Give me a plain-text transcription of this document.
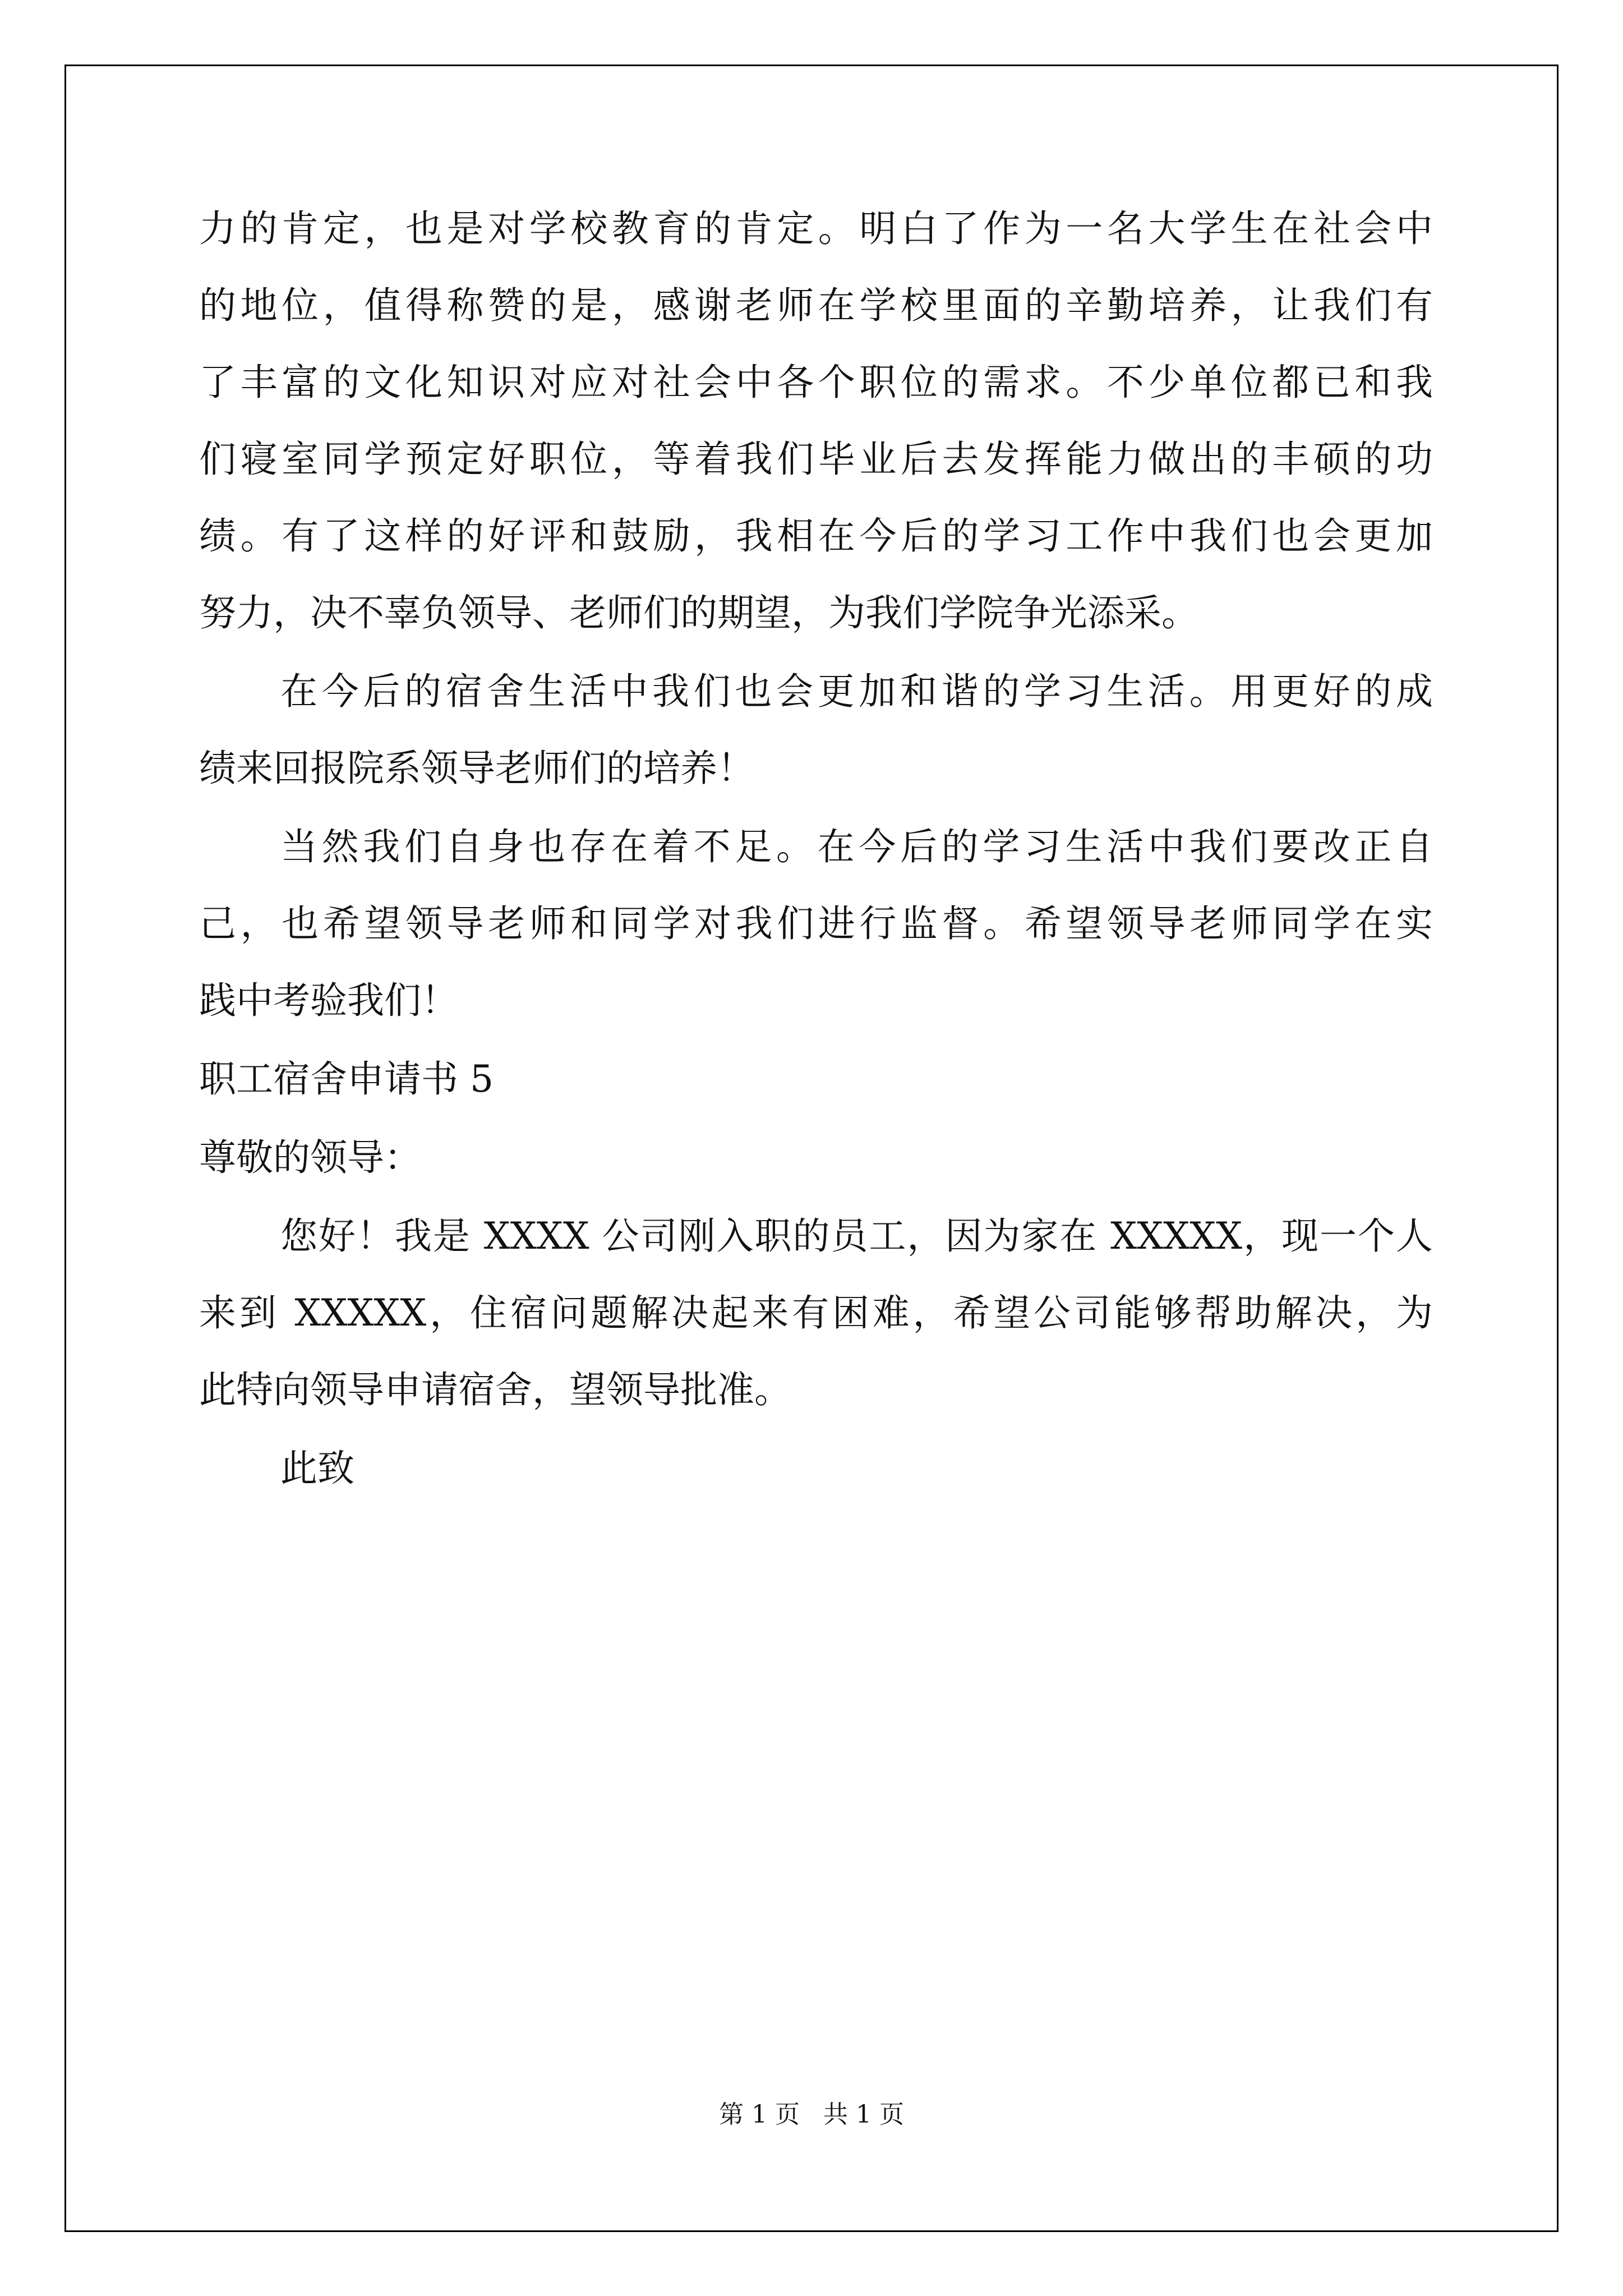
力的肯定，也是对学校教育的肯定。明白了作为一名大学生在社会中
的地位，值得称赞的是，感谢老师在学校里面的辛勤培养，让我们有
了丰富的文化知识对应对社会中各个职位的需求。不少单位都已和我
们寝室同学预定好职位，等着我们毕业后去发挥能力做出的丰硕的功
绩。有了这样的好评和鼓励，我相在今后的学习工作中我们也会更加
努力，决不辜负领导、老师们的期望，为我们学院争光添采。
在今后的宿舍生活中我们也会更加和谐的学习生活。用更好的成
绩来回报院系领导老师们的培养！
当然我们自身也存在着不足。在今后的学习生活中我们要改正自
己，也希望领导老师和同学对我们进行监督。希望领导老师同学在实
践中考验我们！
职工宿舍申请书 5
尊敬的领导：
您好！我是 XXXX 公司刚入职的员工，因为家在 XXXXX，现一个人
来到 XXXXX，住宿问题解决起来有困难，希望公司能够帮助解决，为
此特向领导申请宿舍，望领导批准。
此致
第 1 页 共 1 页
